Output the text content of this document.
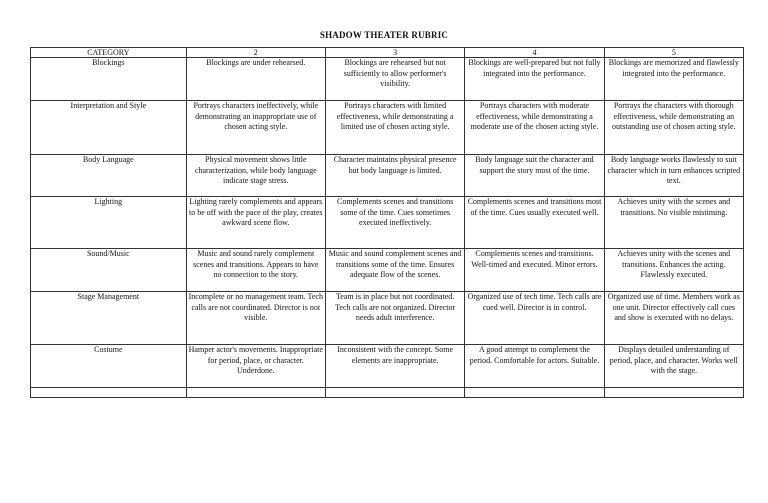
SHADOW THEATER RUBRIC
CATEGORY	2	3	4	5
Blockings	Blockings are under rehearsed.	Blockings are rehearsed but not sufficiently to allow performer's visibility.	Blockings are well-prepared but not fully integrated into the performance.	Blockings are memorized and flawlessly integrated into the performance.
Interpretation and Style	Portrays characters ineffectively, while demonstrating an inappropriate use of chosen acting style.	Portrays characters with limited effectiveness, while demonstrating a limited use of chosen acting style.	Portrays characters with moderate effectiveness, while demonstrating a moderate use of the chosen acting style.	Portrays the characters with thorough effectiveness, while demonstrating an outstanding use of chosen acting style.
Body Language	Physical movement shows little characterization, while body language indicate stage stress.	Character maintains physical presence but body language is limited.	Body language suit the character and support the story most of the time.	Body language works flawlessly to suit character which in turn enhances scripted text.
Lighting	Lighting rarely complements and appears to be off with the pace of the play, creates awkward scene flow.	Complements scenes and transitions some of the time. Cues sometimes executed ineffectively.	Complements scenes and transitions most of the time. Cues usually executed well.	Achieves unity with the scenes and transitions. No visible mistiming.
Sound/Music	Music and sound rarely complement scenes and transitions. Appears to have no connection to the story.	Music and sound complement scenes and transitions some of the time. Ensures adequate flow of the scenes.	Complements scenes and transitions. Well-timed and executed. Minor errors.	Achieves unity with the scenes and transitions. Enhances the acting. Flawlessly executed.
Stage Management	Incomplete or no management team. Tech calls are not coordinated. Director is not visible.	Team is in place but not coordinated. Tech calls are not organized. Director needs adult interference.	Organized use of tech time. Tech calls are cued well. Director is in control.	Organized use of time. Members work as one unit. Director effectively call cues and show is executed with no delays.
Costume	Hamper actor's movements. Inappropriate for period, place, or character. Underdone.	Inconsistent with the concept. Some elements are inappropriate.	A good attempt to complement the period. Comfortable for actors. Suitable.	Displays detailed understanding of period, place, and character. Works well with the stage.
